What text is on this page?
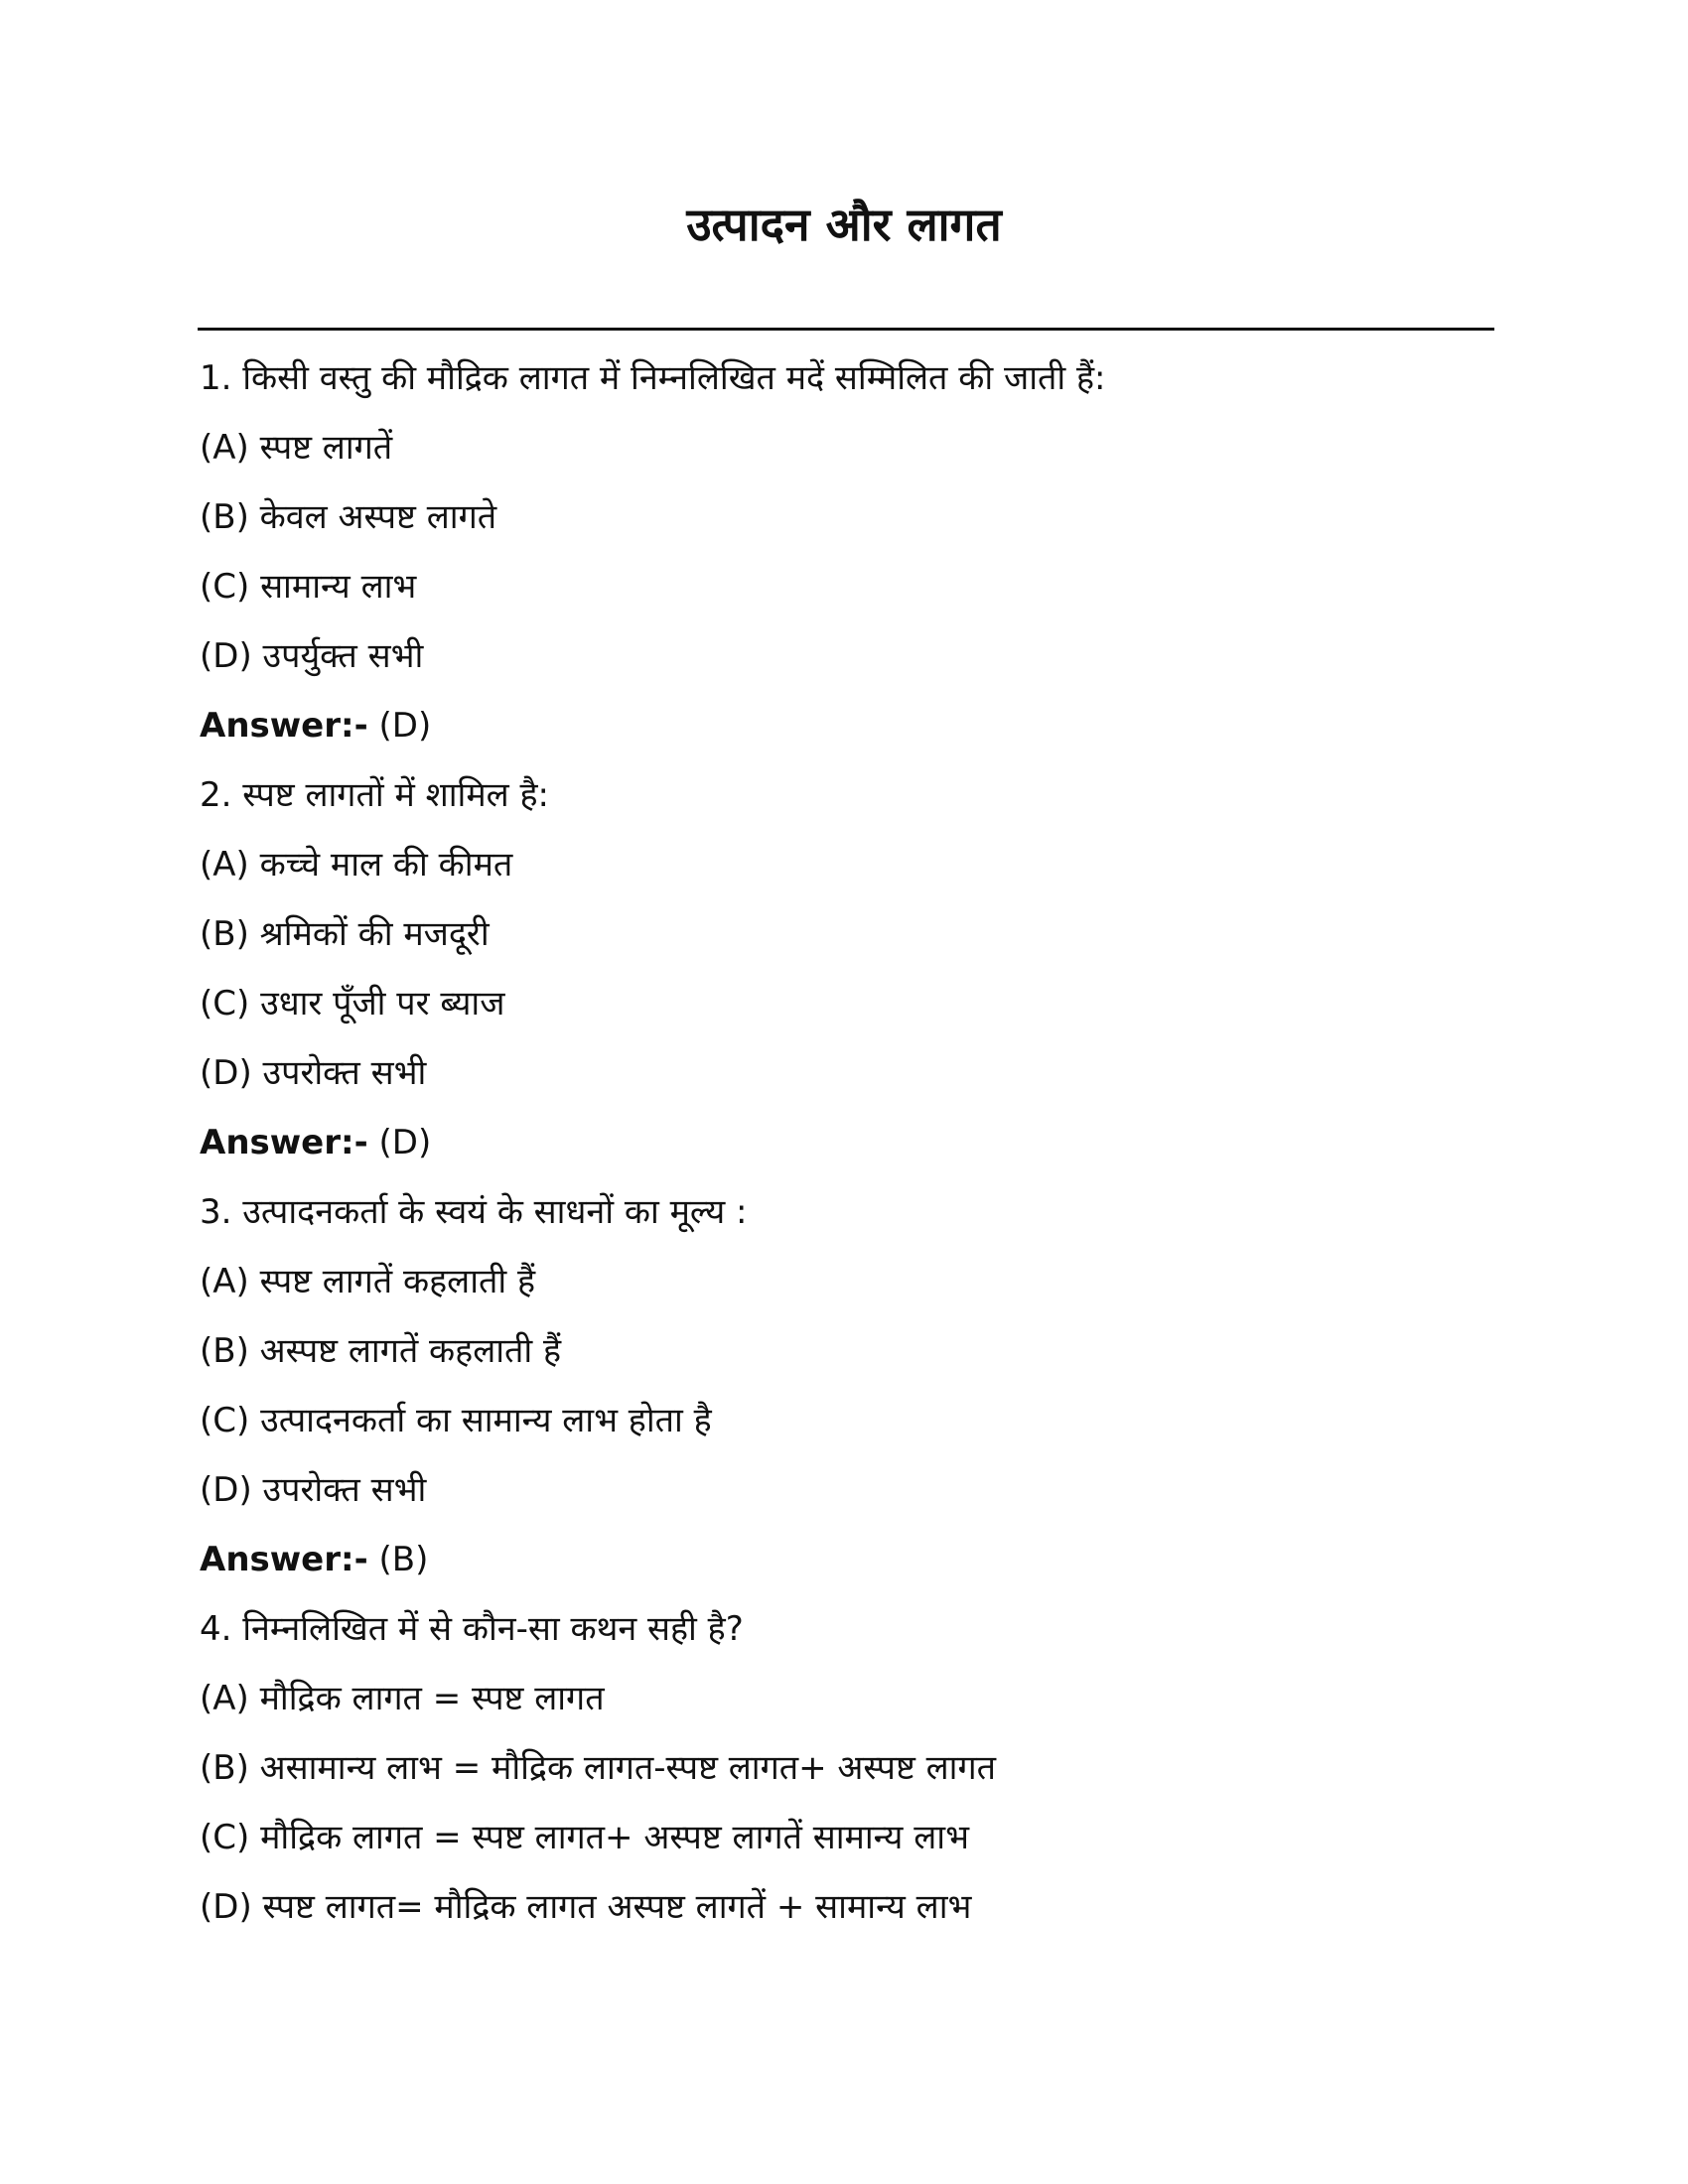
उत्पादन और लागत
1. किसी वस्तु की मौद्रिक लागत में निम्नलिखित मदें सम्मिलित की जाती हैं:
(A) स्पष्ट लागतें
(B) केवल अस्पष्ट लागते
(C) सामान्य लाभ
(D) उपर्युक्त सभी
Answer:- (D)
2. स्पष्ट लागतों में शामिल है:
(A) कच्चे माल की कीमत
(B) श्रमिकों की मजदूरी
(C) उधार पूँजी पर ब्याज
(D) उपरोक्त सभी
Answer:- (D)
3. उत्पादनकर्ता के स्वयं के साधनों का मूल्य :
(A) स्पष्ट लागतें कहलाती हैं
(B) अस्पष्ट लागतें कहलाती हैं
(C) उत्पादनकर्ता का सामान्य लाभ होता है
(D) उपरोक्त सभी
Answer:- (B)
4. निम्नलिखित में से कौन-सा कथन सही है?
(A) मौद्रिक लागत = स्पष्ट लागत
(B) असामान्य लाभ = मौद्रिक लागत-स्पष्ट लागत+ अस्पष्ट लागत
(C) मौद्रिक लागत = स्पष्ट लागत+ अस्पष्ट लागतें सामान्य लाभ
(D) स्पष्ट लागत= मौद्रिक लागत अस्पष्ट लागतें + सामान्य लाभ
